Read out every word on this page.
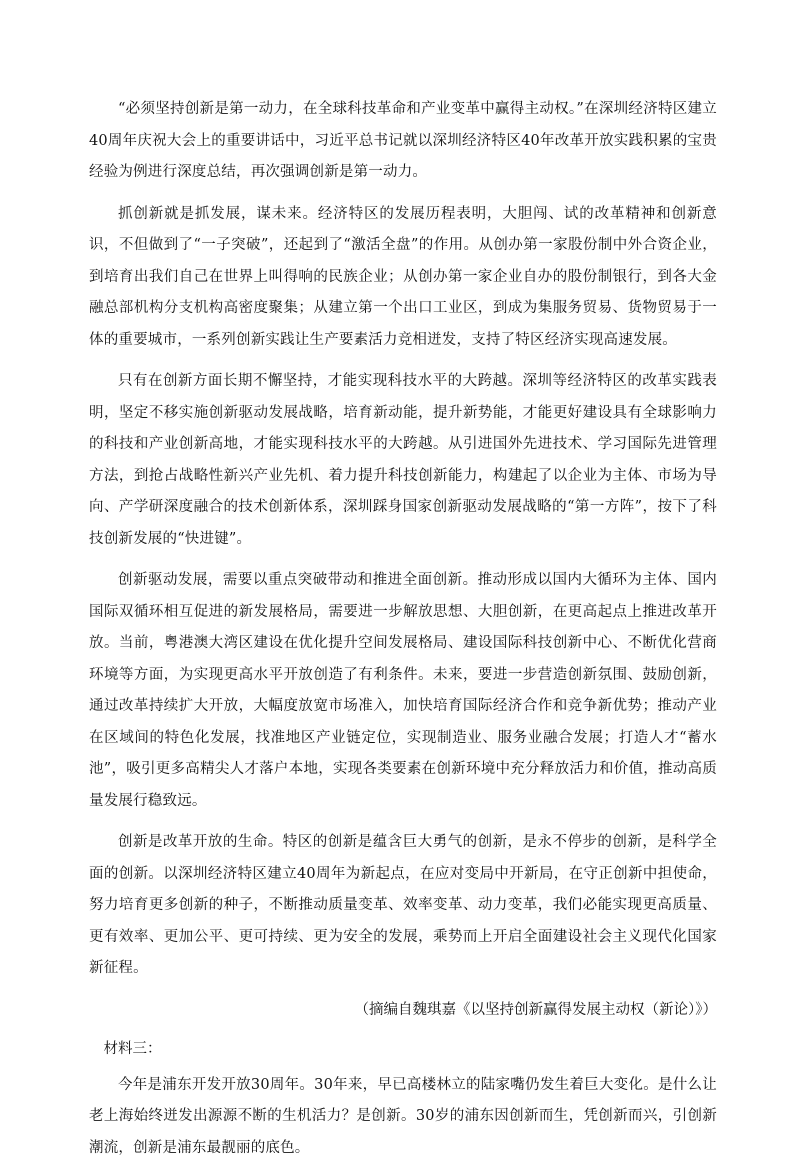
“必须坚持创新是第一动力，在全球科技革命和产业变革中赢得主动权。”在深圳经济特区建立40周年庆祝大会上的重要讲话中，习近平总书记就以深圳经济特区40年改革开放实践积累的宝贵经验为例进行深度总结，再次强调创新是第一动力。

抓创新就是抓发展，谋未来。经济特区的发展历程表明，大胆闯、试的改革精神和创新意识，不但做到了“一子突破”，还起到了“激活全盘”的作用。从创办第一家股份制中外合资企业，到培育出我们自己在世界上叫得响的民族企业；从创办第一家企业自办的股份制银行，到各大金融总部机构分支机构高密度聚集；从建立第一个出口工业区，到成为集服务贸易、货物贸易于一体的重要城市，一系列创新实践让生产要素活力竞相迸发，支持了特区经济实现高速发展。

只有在创新方面长期不懈坚持，才能实现科技水平的大跨越。深圳等经济特区的改革实践表明，坚定不移实施创新驱动发展战略，培育新动能，提升新势能，才能更好建设具有全球影响力的科技和产业创新高地，才能实现科技水平的大跨越。从引进国外先进技术、学习国际先进管理方法，到抢占战略性新兴产业先机、着力提升科技创新能力，构建起了以企业为主体、市场为导向、产学研深度融合的技术创新体系，深圳踩身国家创新驱动发展战略的“第一方阵”，按下了科技创新发展的“快进键”。

创新驱动发展，需要以重点突破带动和推进全面创新。推动形成以国内大循环为主体、国内国际双循环相互促进的新发展格局，需要进一步解放思想、大胆创新，在更高起点上推进改革开放。当前，粤港澳大湾区建设在优化提升空间发展格局、建设国际科技创新中心、不断优化营商环境等方面，为实现更高水平开放创造了有利条件。未来，要进一步营造创新氛围、鼓励创新，通过改革持续扩大开放，大幅度放宽市场准入，加快培育国际经济合作和竞争新优势；推动产业在区域间的特色化发展，找准地区产业链定位，实现制造业、服务业融合发展；打造人才“蓄水池”，吸引更多高精尖人才落户本地，实现各类要素在创新环境中充分释放活力和价值，推动高质量发展行稳致远。

创新是改革开放的生命。特区的创新是蕴含巨大勇气的创新，是永不停步的创新，是科学全面的创新。以深圳经济特区建立40周年为新起点，在应对变局中开新局，在守正创新中担使命，努力培育更多创新的种子，不断推动质量变革、效率变革、动力变革，我们必能实现更高质量、更有效率、更加公平、更可持续、更为安全的发展，乘势而上开启全面建设社会主义现代化国家新征程。

（摘编自魏琪嘉《以坚持创新赢得发展主动权（新论）》）

材料三：

今年是浦东开发开放30周年。30年来，早已高楼林立的陆家嘴仍发生着巨大变化。是什么让老上海始终迸发出源源不断的生机活力？是创新。30岁的浦东因创新而生，凭创新而兴，引创新潮流，创新是浦东最靓丽的底色。
